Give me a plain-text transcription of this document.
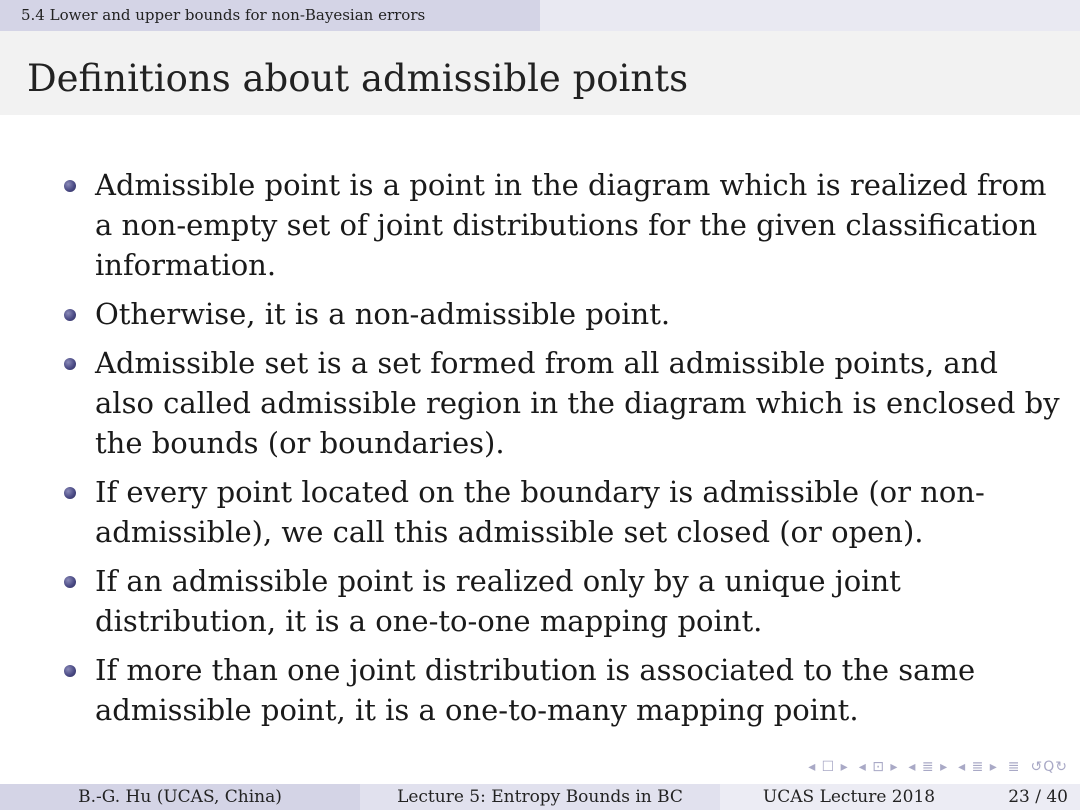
5.4 Lower and upper bounds for non-Bayesian errors
Definitions about admissible points
Admissible point is a point in the diagram which is realized from a non-empty set of joint distributions for the given classification information.
Otherwise, it is a non-admissible point.
Admissible set is a set formed from all admissible points, and also called admissible region in the diagram which is enclosed by the bounds (or boundaries).
If every point located on the boundary is admissible (or non-admissible), we call this admissible set closed (or open).
If an admissible point is realized only by a unique joint distribution, it is a one-to-one mapping point.
If more than one joint distribution is associated to the same admissible point, it is a one-to-many mapping point.
◂ ☐ ▸ ◂ ⊡ ▸ ◂ ≣ ▸ ◂ ≣ ▸ ≣ ↺Q↻
B.-G. Hu (UCAS, China)	Lecture 5: Entropy Bounds in BC	UCAS Lecture 2018	23 / 40
